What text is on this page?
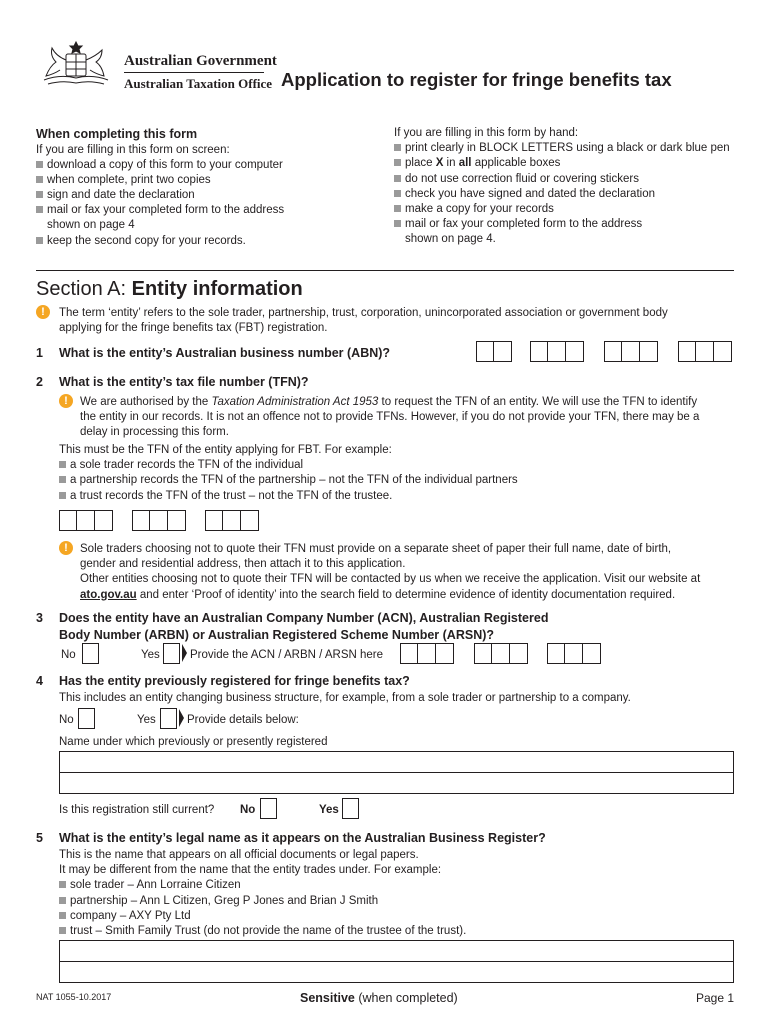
Australian Government
Australian Taxation Office Application to register for fringe benefits tax
When completing this form
If you are filling in this form on screen:
download a copy of this form to your computer
when complete, print two copies
sign and date the declaration
mail or fax your completed form to the address
shown on page 4
keep the second copy for your records.
If you are filling in this form by hand:
print clearly in BLOCK LETTERS using a black or dark blue pen
place X in all applicable boxes
do not use correction fluid or covering stickers
check you have signed and dated the declaration
make a copy for your records
mail or fax your completed form to the address
shown on page 4.
Section A: Entity information
!	The term ‘entity’ refers to the sole trader, partnership, trust, corporation, unincorporated association or government body
applying for the fringe benefits tax (FBT) registration.
1 What is the entity’s Australian business number (ABN)?
2 What is the entity’s tax file number (TFN)?
!	We are authorised by the Taxation Administration Act 1953 to request the TFN of an entity. We will use the TFN to identify
the entity in our records. It is not an offence not to provide TFNs. However, if you do not provide your TFN, there may be a
delay in processing this form.
This must be the TFN of the entity applying for FBT. For example:
a sole trader records the TFN of the individual
a partnership records the TFN of the partnership – not the TFN of the individual partners
a trust records the TFN of the trust – not the TFN of the trustee.
!	Sole traders choosing not to quote their TFN must provide on a separate sheet of paper their full name, date of birth,
gender and residential address, then attach it to this application.
Other entities choosing not to quote their TFN will be contacted by us when we receive the application. Visit our website at
ato.gov.au and enter ‘Proof of identity’ into the search field to determine evidence of identity documentation required.
3 Does the entity have an Australian Company Number (ACN), Australian Registered
Body Number (ARBN) or Australian Registered Scheme Number (ARSN)?
No	Yes	Provide the ACN / ARBN / ARSN here
4 Has the entity previously registered for fringe benefits tax?
This includes an entity changing business structure, for example, from a sole trader or partnership to a company.
No	Yes	Provide details below:
Name under which previously or presently registered
Is this registration still current? No	Yes
5 What is the entity’s legal name as it appears on the Australian Business Register?
This is the name that appears on all official documents or legal papers.
It may be different from the name that the entity trades under. For example:
sole trader – Ann Lorraine Citizen
partnership – Ann L Citizen, Greg P Jones and Brian J Smith
company – AXY Pty Ltd
trust – Smith Family Trust (do not provide the name of the trustee of the trust).
NAT 1055-10.2017	Sensitive (when completed)	Page 1
